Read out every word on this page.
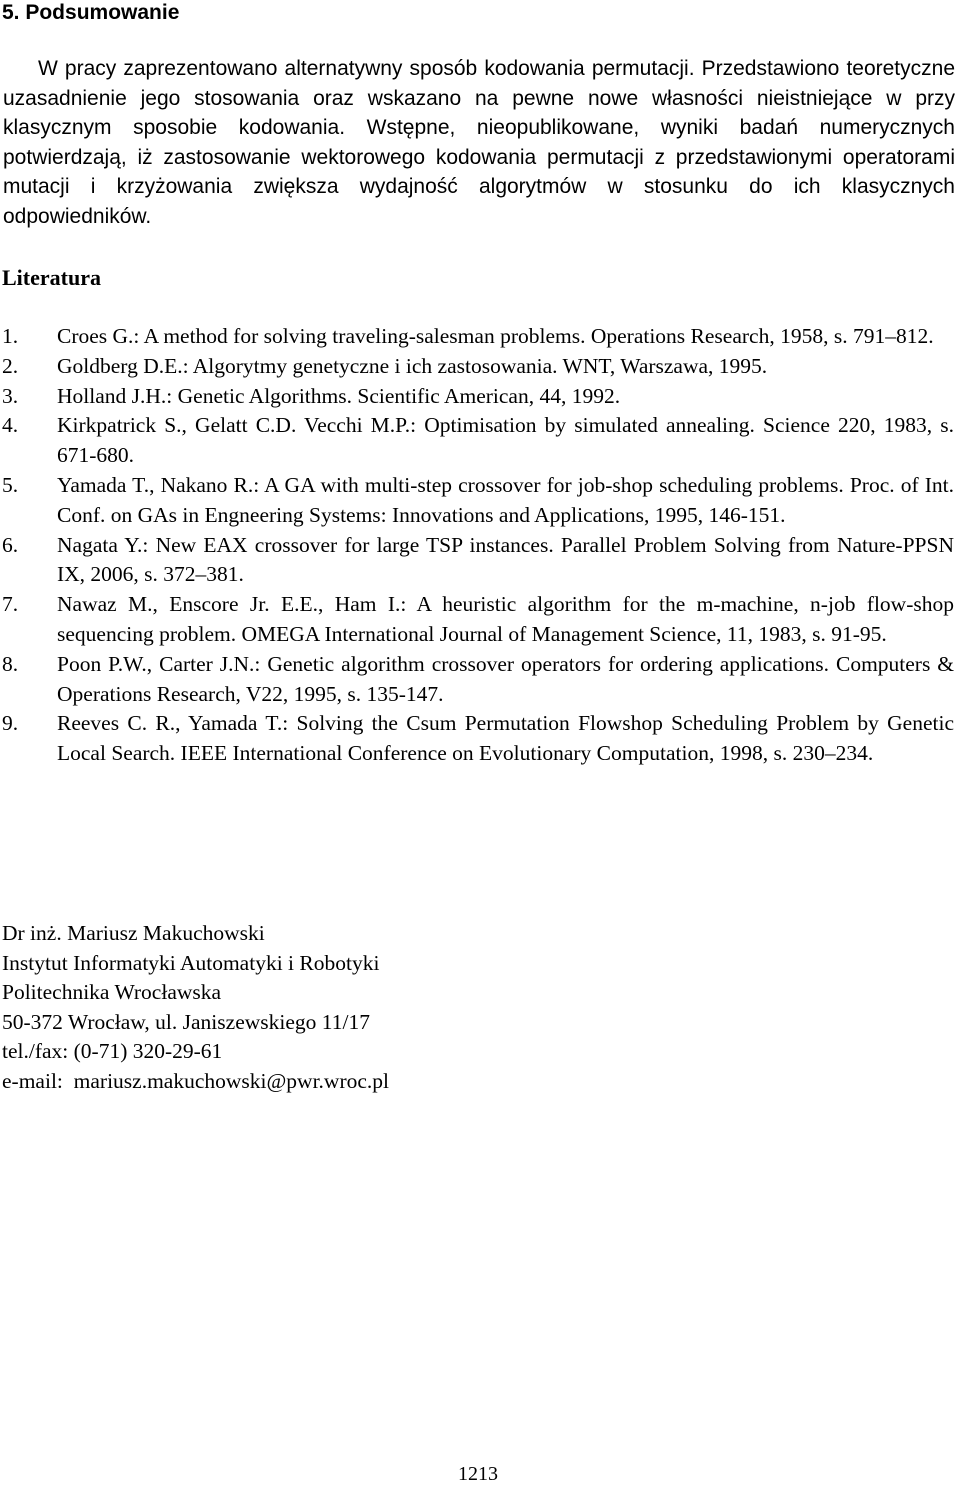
5. Podsumowanie

W pracy zaprezentowano alternatywny sposób kodowania permutacji. Przedstawiono teoretyczne uzasadnienie jego stosowania oraz wskazano na pewne nowe własności nieistniejące w przy klasycznym sposobie kodowania. Wstępne, nieopublikowane, wyniki badań numerycznych potwierdzają, iż zastosowanie wektorowego kodowania permutacji z przedstawionymi operatorami mutacji i krzyżowania zwiększa wydajność algorytmów w stosunku do ich klasycznych odpowiedników.

Literatura
1. Croes G.: A method for solving traveling-salesman problems. Operations Research, 1958, s. 791–812.
2. Goldberg D.E.: Algorytmy genetyczne i ich zastosowania. WNT, Warszawa, 1995.
3. Holland J.H.: Genetic Algorithms. Scientific American, 44, 1992.
4. Kirkpatrick S., Gelatt C.D. Vecchi M.P.: Optimisation by simulated annealing. Science 220, 1983, s. 671-680.
5. Yamada T., Nakano R.: A GA with multi-step crossover for job-shop scheduling problems. Proc. of Int. Conf. on GAs in Engneering Systems: Innovations and Applications, 1995, 146-151.
6. Nagata Y.: New EAX crossover for large TSP instances. Parallel Problem Solving from Nature-PPSN IX, 2006, s. 372–381.
7. Nawaz M., Enscore Jr. E.E., Ham I.: A heuristic algorithm for the m-machine, n-job flow-shop sequencing problem. OMEGA International Journal of Management Science, 11, 1983, s. 91-95.
8. Poon P.W., Carter J.N.: Genetic algorithm crossover operators for ordering applications. Computers & Operations Research, V22, 1995, s. 135-147.
9. Reeves C. R., Yamada T.: Solving the Csum Permutation Flowshop Scheduling Problem by Genetic Local Search. IEEE International Conference on Evolutionary Computation, 1998, s. 230–234.
Dr inż. Mariusz Makuchowski
Instytut Informatyki Automatyki i Robotyki
Politechnika Wrocławska
50-372 Wrocław, ul. Janiszewskiego 11/17
tel./fax: (0-71) 320-29-61
e-mail:  mariusz.makuchowski@pwr.wroc.pl
1213
